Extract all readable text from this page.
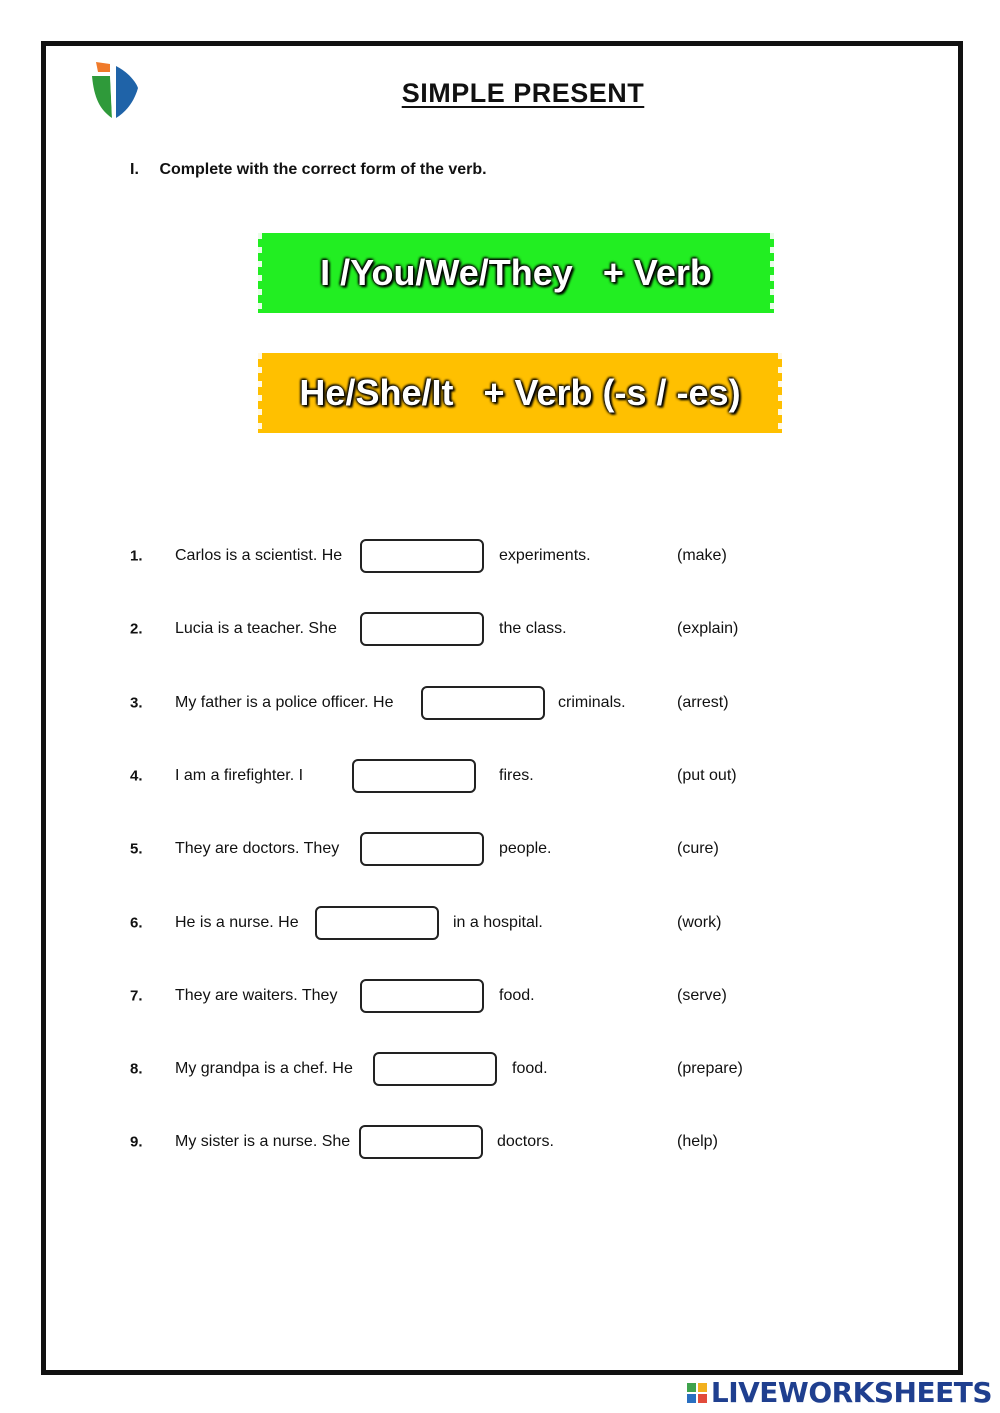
SIMPLE PRESENT
I. Complete with the correct form of the verb.
I /You/We/They   + Verb
He/She/It   + Verb (-s / -es)
1. Carlos is a scientist. He	experiments.	(make)
2. Lucia is a teacher. She	the class.	(explain)
3. My father is a police officer. He	criminals.	(arrest)
4. I am a firefighter. I	fires.	(put out)
5. They are doctors. They	people.	(cure)
6. He is a nurse. He	in a hospital.	(work)
7. They are waiters. They	food.	(serve)
8. My grandpa is a chef. He	food.	(prepare)
9. My sister is a nurse. She	doctors.	(help)
LIVEWORKSHEETS
